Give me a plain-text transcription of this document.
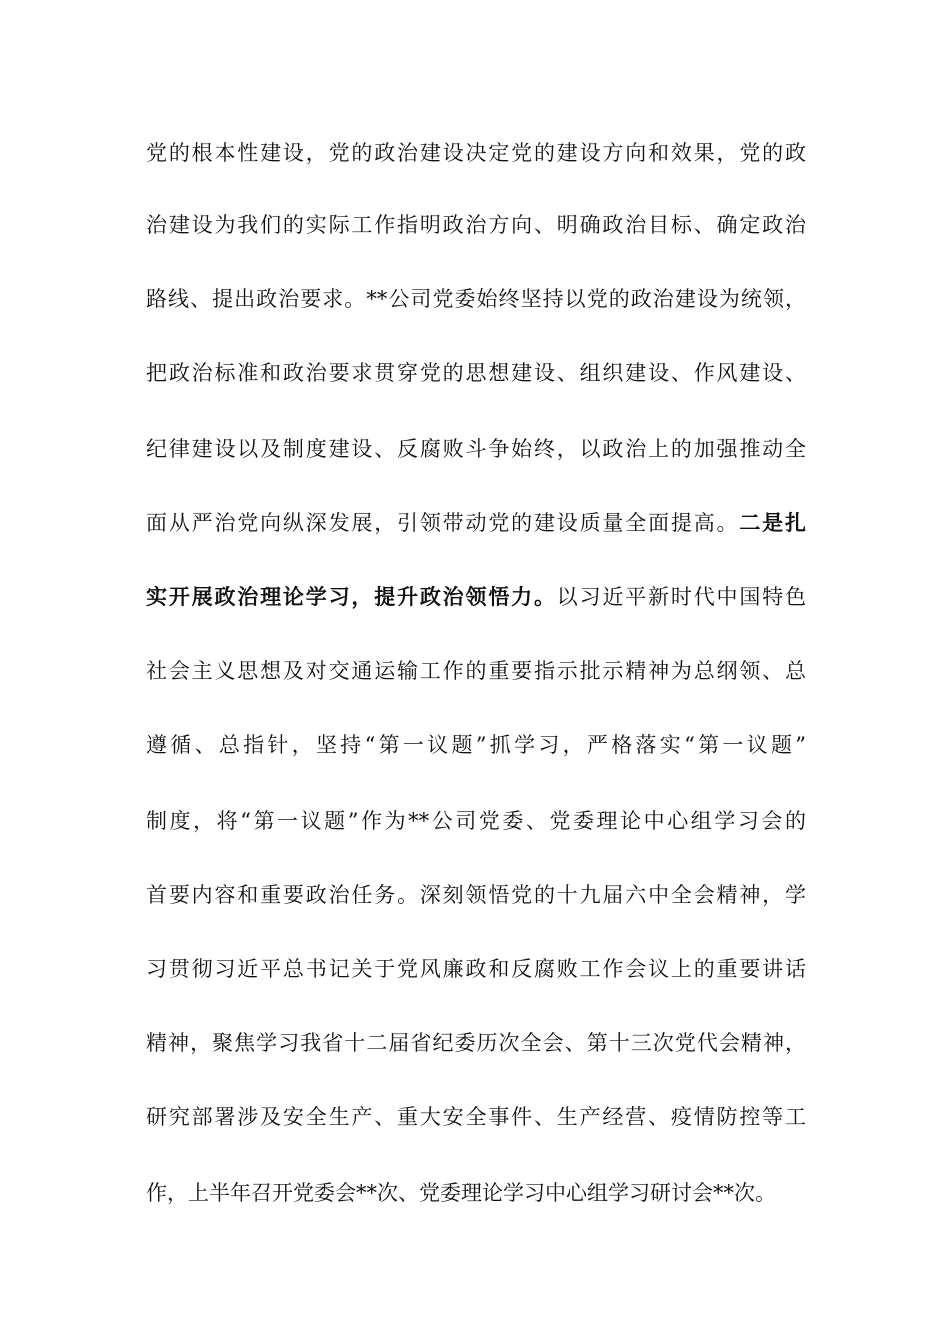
党的根本性建设，党的政治建设决定党的建设方向和效果，党的政
治建设为我们的实际工作指明政治方向、明确政治目标、确定政治
路线、提出政治要求。**公司党委始终坚持以党的政治建设为统领，
把政治标准和政治要求贯穿党的思想建设、组织建设、作风建设、
纪律建设以及制度建设、反腐败斗争始终，以政治上的加强推动全
面从严治党向纵深发展，引领带动党的建设质量全面提高。二是扎
实开展政治理论学习，提升政治领悟力。以习近平新时代中国特色
社会主义思想及对交通运输工作的重要指示批示精神为总纲领、总
遵循、总指针，坚持“第一议题”抓学习，严格落实“第一议题”
制度，将“第一议题”作为**公司党委、党委理论中心组学习会的
首要内容和重要政治任务。深刻领悟党的十九届六中全会精神，学
习贯彻习近平总书记关于党风廉政和反腐败工作会议上的重要讲话
精神，聚焦学习我省十二届省纪委历次全会、第十三次党代会精神，
研究部署涉及安全生产、重大安全事件、生产经营、疫情防控等工
作，上半年召开党委会**次、党委理论学习中心组学习研讨会**次。
